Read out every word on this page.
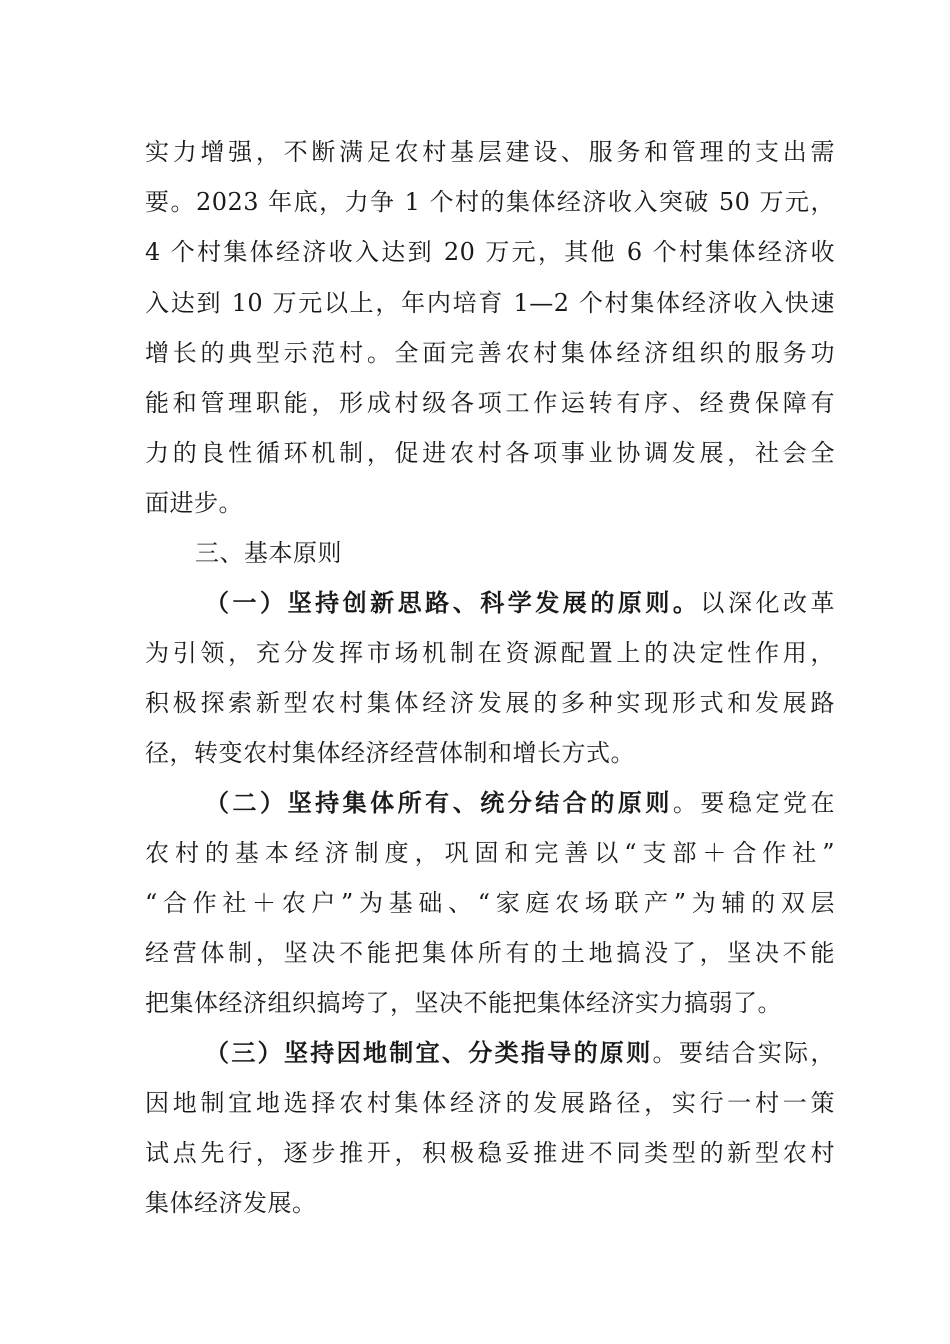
实力增强，不断满足农村基层建设、服务和管理的支出需
要。2023 年底，力争 1 个村的集体经济收入突破 50 万元，
4 个村集体经济收入达到 20 万元，其他 6 个村集体经济收
入达到 10 万元以上，年内培育 1—2 个村集体经济收入快速
增长的典型示范村。全面完善农村集体经济组织的服务功
能和管理职能，形成村级各项工作运转有序、经费保障有
力的良性循环机制，促进农村各项事业协调发展，社会全
面进步。
三、基本原则
（一）坚持创新思路、科学发展的原则。以深化改革
为引领，充分发挥市场机制在资源配置上的决定性作用，
积极探索新型农村集体经济发展的多种实现形式和发展路
径，转变农村集体经济经营体制和增长方式。
（二）坚持集体所有、统分结合的原则。要稳定党在
农村的基本经济制度，巩固和完善以“支部＋合作社”
“合作社＋农户”为基础、“家庭农场联产”为辅的双层
经营体制，坚决不能把集体所有的土地搞没了，坚决不能
把集体经济组织搞垮了，坚决不能把集体经济实力搞弱了。
（三）坚持因地制宜、分类指导的原则。要结合实际，
因地制宜地选择农村集体经济的发展路径，实行一村一策
试点先行，逐步推开，积极稳妥推进不同类型的新型农村
集体经济发展。
